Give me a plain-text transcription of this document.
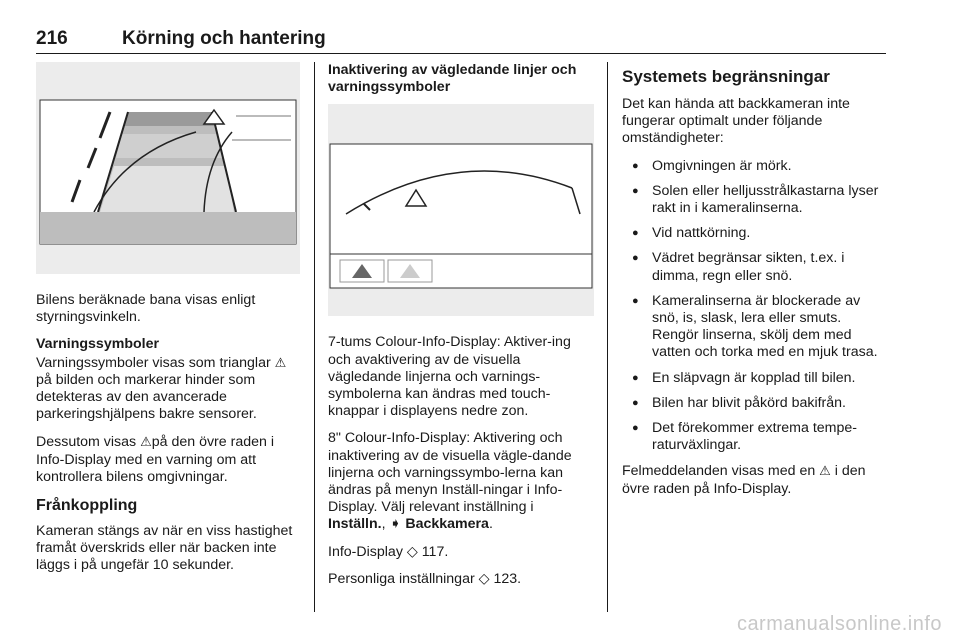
216	Körning och hantering

Bilens beräknade bana visas enligt styrningsvinkeln.

Varningssymboler
Varningssymboler visas som trianglar ⚠på bilden och markerar hinder som detekteras av den avancerade parkeringshjälpens bakre sensorer.

Dessutom visas ⚠på den övre raden i Info-Display med en varning om att kontrollera bilens omgivningar.

Frånkoppling

Kameran stängs av när en viss hastighet framåt överskrids eller när backen inte läggs i på ungefär 10 sekunder.

Inaktivering av vägledande linjer och varningssymboler

7-tums Colour-Info-Display: Aktiver-ing och avaktivering av de visuella vägledande linjerna och varnings-symbolerna kan ändras med touch-knappar i displayens nedre zon.

8" Colour-Info-Display: Aktivering och inaktivering av de visuella vägle-dande linjerna och varningssymbo-lerna kan ändras på menyn Inställ-ningar i Info-Display. Välj relevant inställning i Inställn., ➧ Backkamera.

Info-Display ◇ 117.

Personliga inställningar ◇ 123.

Systemets begränsningar

Det kan hända att backkameran inte fungerar optimalt under följande omständigheter:

● Omgivningen är mörk.
● Solen eller helljusstrålkastarna lyser rakt in i kameralinserna.
● Vid nattkörning.
● Vädret begränsar sikten, t.ex. i dimma, regn eller snö.
● Kameralinserna är blockerade av snö, is, slask, lera eller smuts. Rengör linserna, skölj dem med vatten och torka med en mjuk trasa.
● En släpvagn är kopplad till bilen.
● Bilen har blivit påkörd bakifrån.
● Det förekommer extrema tempe-raturväxlingar.

Felmeddelanden visas med en ⚠ i den övre raden på Info-Display.

carmanualsonline.info
